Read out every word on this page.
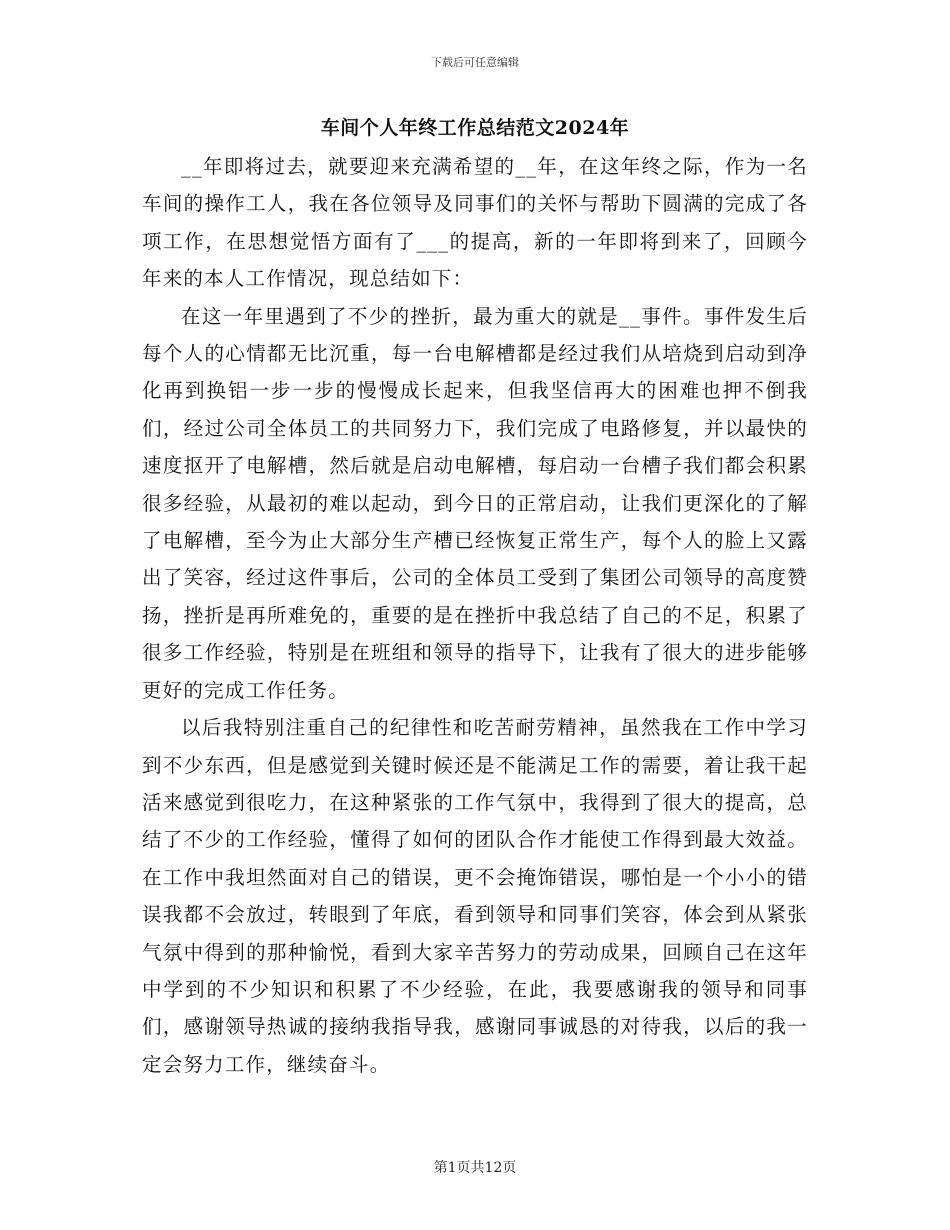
下载后可任意编辑
车间个人年终工作总结范文2024年

__年即将过去，就要迎来充满希望的__年，在这年终之际，作为一名车间的操作工人，我在各位领导及同事们的关怀与帮助下圆满的完成了各项工作，在思想觉悟方面有了___的提高，新的一年即将到来了，回顾今年来的本人工作情况，现总结如下：

在这一年里遇到了不少的挫折，最为重大的就是__事件。事件发生后每个人的心情都无比沉重，每一台电解槽都是经过我们从培烧到启动到净化再到换铝一步一步的慢慢成长起来，但我坚信再大的困难也押不倒我们，经过公司全体员工的共同努力下，我们完成了电路修复，并以最快的速度抠开了电解槽，然后就是启动电解槽，每启动一台槽子我们都会积累很多经验，从最初的难以起动，到今日的正常启动，让我们更深化的了解了电解槽，至今为止大部分生产槽已经恢复正常生产，每个人的脸上又露出了笑容，经过这件事后，公司的全体员工受到了集团公司领导的高度赞扬，挫折是再所难免的，重要的是在挫折中我总结了自己的不足，积累了很多工作经验，特别是在班组和领导的指导下，让我有了很大的进步能够更好的完成工作任务。

以后我特别注重自己的纪律性和吃苦耐劳精神，虽然我在工作中学习到不少东西，但是感觉到关键时候还是不能满足工作的需要，着让我干起活来感觉到很吃力，在这种紧张的工作气氛中，我得到了很大的提高，总结了不少的工作经验，懂得了如何的团队合作才能使工作得到最大效益。在工作中我坦然面对自己的错误，更不会掩饰错误，哪怕是一个小小的错误我都不会放过，转眼到了年底，看到领导和同事们笑容，体会到从紧张气氛中得到的那种愉悦，看到大家辛苦努力的劳动成果，回顾自己在这年中学到的不少知识和积累了不少经验，在此，我要感谢我的领导和同事们，感谢领导热诚的接纳我指导我，感谢同事诚恳的对待我，以后的我一定会努力工作，继续奋斗。

第1页共12页
